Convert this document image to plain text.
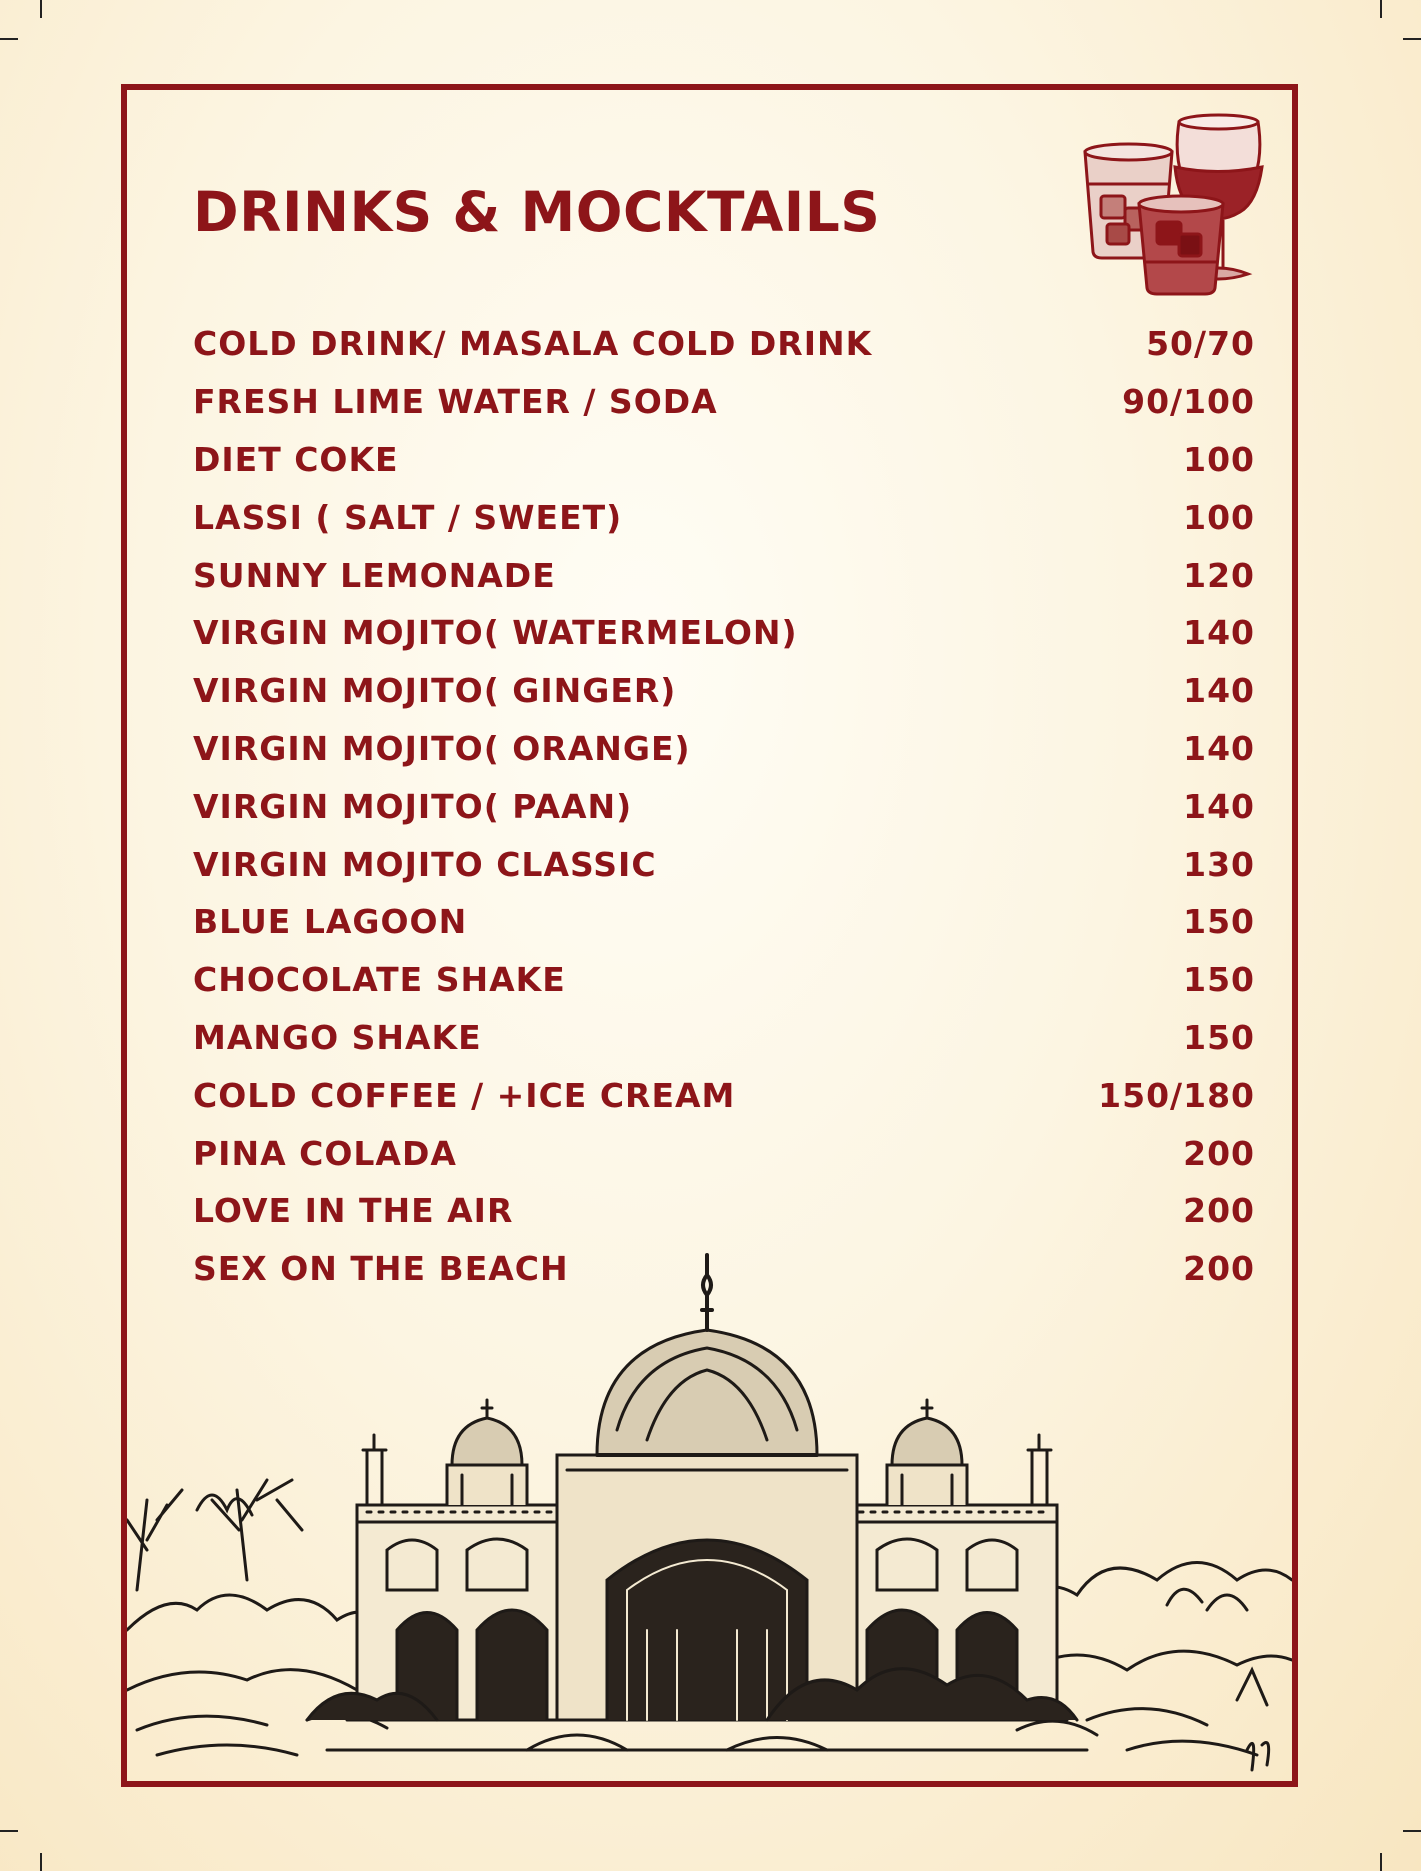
DRINKS & MOCKTAILS
COLD DRINK/ MASALA COLD DRINK	50/70
FRESH LIME WATER / SODA	90/100
DIET COKE	100
LASSI ( SALT / SWEET)	100
SUNNY LEMONADE	120
VIRGIN MOJITO( WATERMELON)	140
VIRGIN MOJITO( GINGER)	140
VIRGIN MOJITO( ORANGE)	140
VIRGIN MOJITO( PAAN)	140
VIRGIN MOJITO CLASSIC	130
BLUE LAGOON	150
CHOCOLATE SHAKE	150
MANGO SHAKE	150
COLD COFFEE / +ICE CREAM	150/180
PINA COLADA	200
LOVE IN THE AIR	200
SEX ON THE BEACH	200
